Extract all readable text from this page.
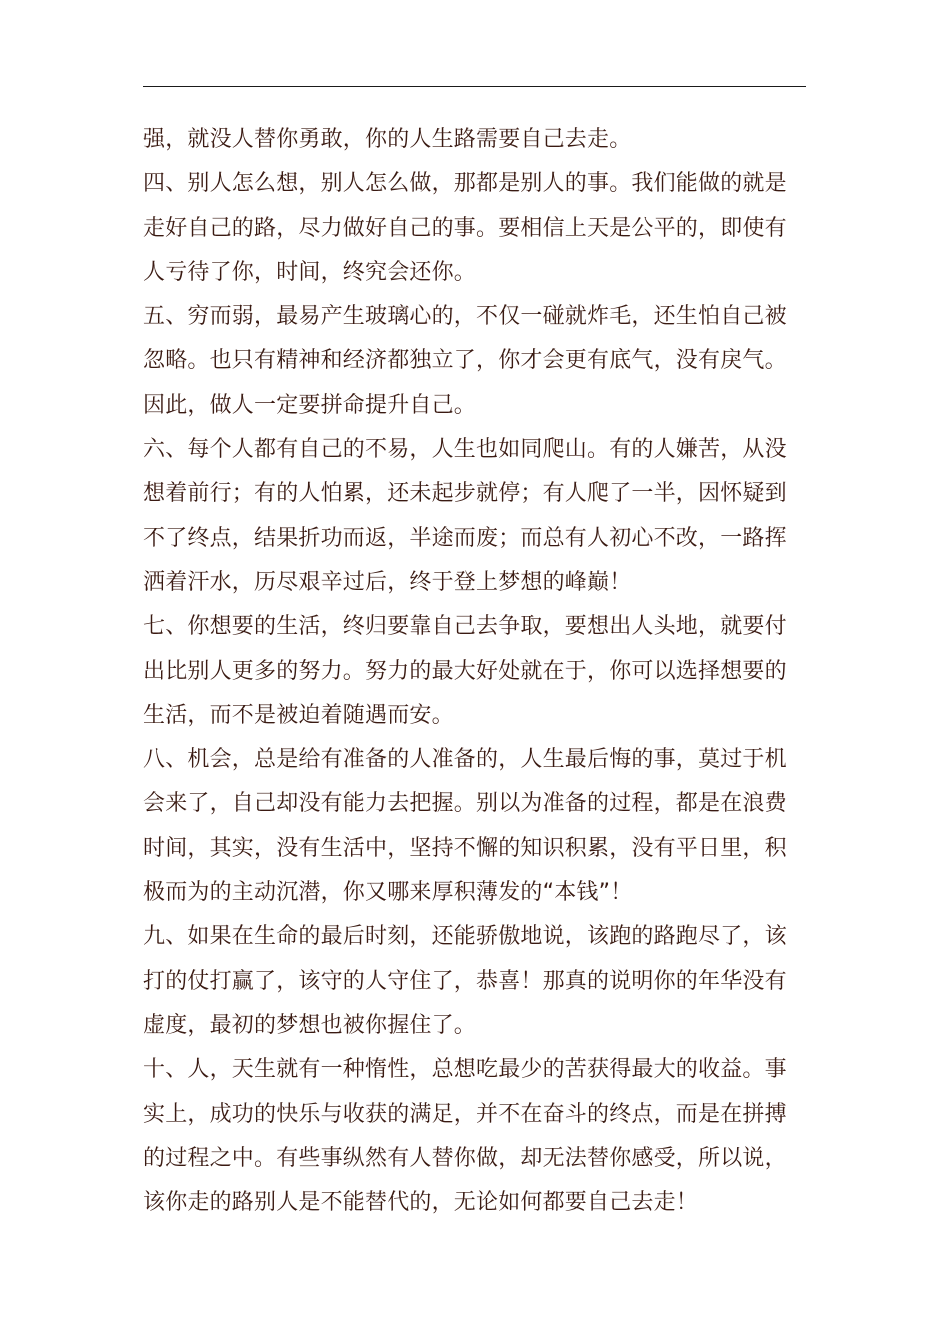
强，就没人替你勇敢，你的人生路需要自己去走。
四、别人怎么想，别人怎么做，那都是别人的事。我们能做的就是
走好自己的路，尽力做好自己的事。要相信上天是公平的，即使有
人亏待了你，时间，终究会还你。
五、穷而弱，最易产生玻璃心的，不仅一碰就炸毛，还生怕自己被
忽略。也只有精神和经济都独立了，你才会更有底气，没有戾气。
因此，做人一定要拼命提升自己。
六、每个人都有自己的不易，人生也如同爬山。有的人嫌苦，从没
想着前行；有的人怕累，还未起步就停；有人爬了一半，因怀疑到
不了终点，结果折功而返，半途而废；而总有人初心不改，一路挥
洒着汗水，历尽艰辛过后，终于登上梦想的峰巅！
七、你想要的生活，终归要靠自己去争取，要想出人头地，就要付
出比别人更多的努力。努力的最大好处就在于，你可以选择想要的
生活，而不是被迫着随遇而安。
八、机会，总是给有准备的人准备的，人生最后悔的事，莫过于机
会来了，自己却没有能力去把握。别以为准备的过程，都是在浪费
时间，其实，没有生活中，坚持不懈的知识积累，没有平日里，积
极而为的主动沉潜，你又哪来厚积薄发的“本钱”！
九、如果在生命的最后时刻，还能骄傲地说，该跑的路跑尽了，该
打的仗打赢了，该守的人守住了，恭喜！那真的说明你的年华没有
虚度，最初的梦想也被你握住了。
十、人，天生就有一种惰性，总想吃最少的苦获得最大的收益。事
实上，成功的快乐与收获的满足，并不在奋斗的终点，而是在拼搏
的过程之中。有些事纵然有人替你做，却无法替你感受，所以说，
该你走的路别人是不能替代的，无论如何都要自己去走！
